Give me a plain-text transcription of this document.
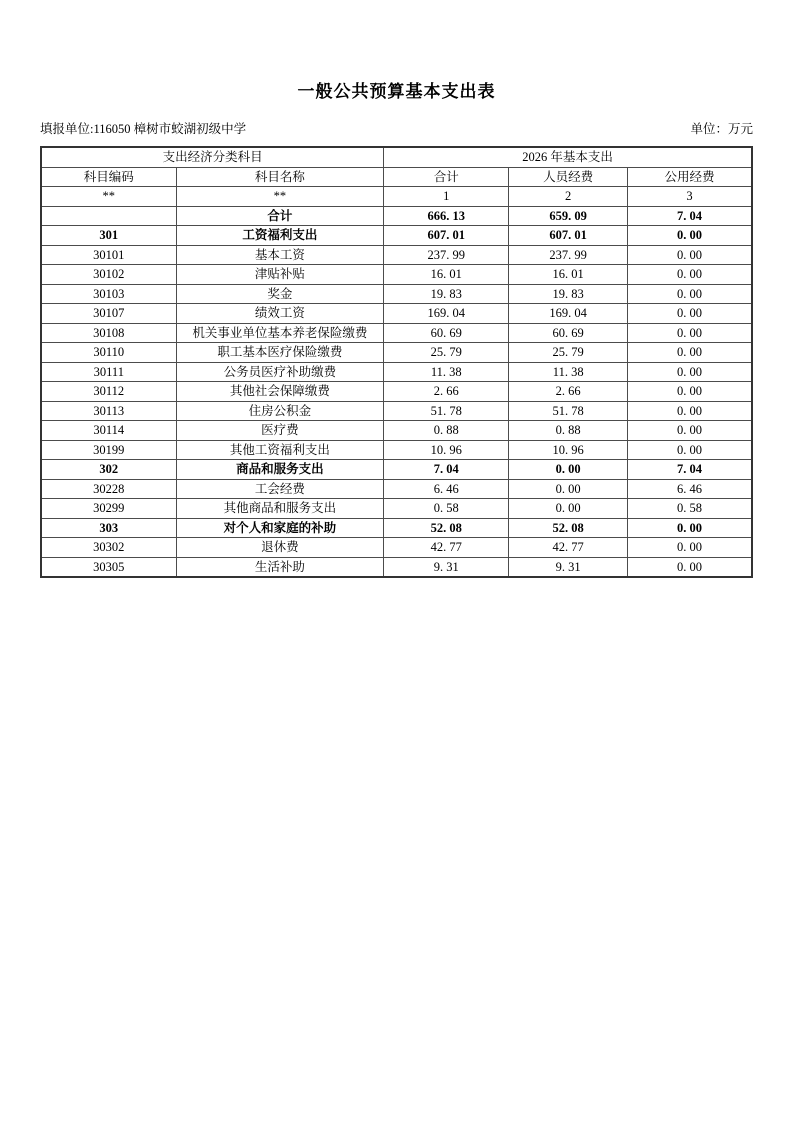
一般公共预算基本支出表
填报单位:116050 樟树市蛟湖初级中学	单位：万元
支出经济分类科目		2026 年基本支出		
科目编码	科目名称	合计	人员经费	公用经费
**	**	1	2	3
	合计	666. 13	659. 09	7. 04
301	工资福利支出	607. 01	607. 01	0. 00
30101	基本工资	237. 99	237. 99	0. 00
30102	津贴补贴	16. 01	16. 01	0. 00
30103	奖金	19. 83	19. 83	0. 00
30107	绩效工资	169. 04	169. 04	0. 00
30108	机关事业单位基本养老保险缴费	60. 69	60. 69	0. 00
30110	职工基本医疗保险缴费	25. 79	25. 79	0. 00
30111	公务员医疗补助缴费	11. 38	11. 38	0. 00
30112	其他社会保障缴费	2. 66	2. 66	0. 00
30113	住房公积金	51. 78	51. 78	0. 00
30114	医疗费	0. 88	0. 88	0. 00
30199	其他工资福利支出	10. 96	10. 96	0. 00
302	商品和服务支出	7. 04	0. 00	7. 04
30228	工会经费	6. 46	0. 00	6. 46
30299	其他商品和服务支出	0. 58	0. 00	0. 58
303	对个人和家庭的补助	52. 08	52. 08	0. 00
30302	退休费	42. 77	42. 77	0. 00
30305	生活补助	9. 31	9. 31	0. 00
